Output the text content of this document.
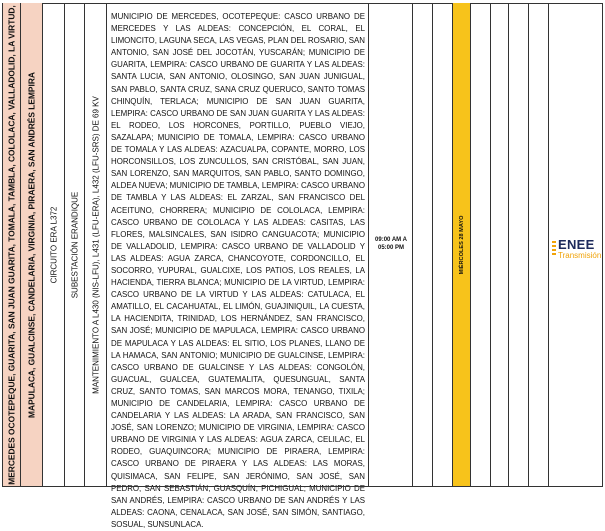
MERCEDES OCOTEPEQUE, GUARITA, SAN JUAN GUARITA, TOMALA, TAMBLA, COLOLACA, VALLADOLID, LA VIRTUD, MAPULACA, GUALCINSE, CANDELARIA, VIRGINIA, PIRAERA, SAN ANDRÉS LEMPIRA CIRCUITO ERA L372 SUBESTACIÓN ERANDIQUE MANTENIMIENTO A L430 (NIS-LFU), L431 (LFU-ERA), L432 (LFU-SRS) DE 69 KV
MUNICIPIO DE MERCEDES, OCOTEPEQUE: CASCO URBANO DE MERCEDES Y LAS ALDEAS: CONCEPCIÓN, EL CORAL, EL LIMONCITO, LAGUNA SECA, LAS VEGAS, PLAN DEL ROSARIO, SAN ANTONIO, SAN JOSÉ DEL JOCOTÁN, YUSCARÁN; MUNICIPIO DE GUARITA, LEMPIRA: CASCO URBANO DE GUARITA Y LAS ALDEAS: SANTA LUCIA, SAN ANTONIO, OLOSINGO, SAN JUAN JUNIGUAL, SAN PABLO, SANTA CRUZ, SANA CRUZ QUERUCO, SANTO TOMAS CHINQUÍN, TERLACA; MUNICIPIO DE SAN JUAN GUARITA, LEMPIRA: CASCO URBANO DE SAN JUAN GUARITA Y LAS ALDEAS: EL RODEO, LOS HORCONES, PORTILLO, PUEBLO VIEJO, SAZALAPA; MUNICIPIO DE TOMALA, LEMPIRA: CASCO URBANO DE TOMALA Y LAS ALDEAS: AZACUALPA, COPANTE, MORRO, LOS HORCONSILLOS, LOS ZUNCULLOS, SAN CRISTÓBAL, SAN JUAN, SAN LORENZO, SAN MARQUITOS, SAN PABLO, SANTO DOMINGO, ALDEA NUEVA; MUNICIPIO DE TAMBLA, LEMPIRA: CASCO URBANO DE TAMBLA Y LAS ALDEAS: EL ZARZAL, SAN FRANCISCO DEL ACEITUNO, CHORRERA; MUNICIPIO DE COLOLACA, LEMPIRA: CASCO URBANO DE COLOLACA Y LAS ALDEAS: CASITAS, LAS FLORES, MALSINCALES, SAN ISIDRO CANGUACOTA; MUNICIPIO DE VALLADOLID, LEMPIRA: CASCO URBANO DE VALLADOLID Y LAS ALDEAS: AGUA ZARCA, CHANCOYOTE, CORDONCILLO, EL SOCORRO, YUPURAL, GUALCIXE, LOS PATIOS, LOS REALES, LA HACIENDA, TIERRA BLANCA; MUNICIPIO DE LA VIRTUD, LEMPIRA: CASCO URBANO DE LA VIRTUD Y LAS ALDEAS: CATULACA, EL AMATILLO, EL CACAHUATAL, EL LIMÓN, GUAJINIQUIL, LA CUESTA, LA HACIENDITA, TRINIDAD, LOS HERNÁNDEZ, SAN FRANCISCO, SAN JOSÉ; MUNICIPIO DE MAPULACA, LEMPIRA: CASCO URBANO DE MAPULACA Y LAS ALDEAS: EL SITIO, LOS PLANES, LLANO DE LA HAMACA, SAN ANTONIO; MUNICIPIO DE GUALCINSE, LEMPIRA: CASCO URBANO DE GUALCINSE Y LAS ALDEAS: CONGOLÓN, GUACUAL, GUALCEA, GUATEMALITA, QUESUNGUAL, SANTA CRUZ, SANTO TOMAS, SAN MARCOS MORA, TENANGO, TIXILA; MUNICIPIO DE CANDELARIA, LEMPIRA: CASCO URBANO DE CANDELARIA Y LAS ALDEAS: LA ARADA, SAN FRANCISCO, SAN JOSÉ, SAN LORENZO; MUNICIPIO DE VIRGINIA, LEMPIRA: CASCO URBANO DE VIRGINIA Y LAS ALDEAS: AGUA ZARCA, CELILAC, EL RODEO, GUAQUINCORA; MUNICIPIO DE PIRAERA, LEMPIRA: CASCO URBANO DE PIRAERA Y LAS ALDEAS: LAS MORAS, QUISIMACA, SAN FELIPE, SAN JERÓNIMO, SAN JOSÉ, SAN PEDRO, SAN SEBASTIÁN, GUASQUÍN, PICHIGUAL; MUNICIPIO DE SAN ANDRÉS, LEMPIRA: CASCO URBANO DE SAN ANDRÉS Y LAS ALDEAS: CAONA, CENALACA, SAN JOSÉ, SAN SIMÓN, SANTIAGO, SOSUAL, SUNSUNLACA.
09:00 AM A
05:00 PM	MIÉRCOLES 28 MAYO	ENEE
Transmisión
